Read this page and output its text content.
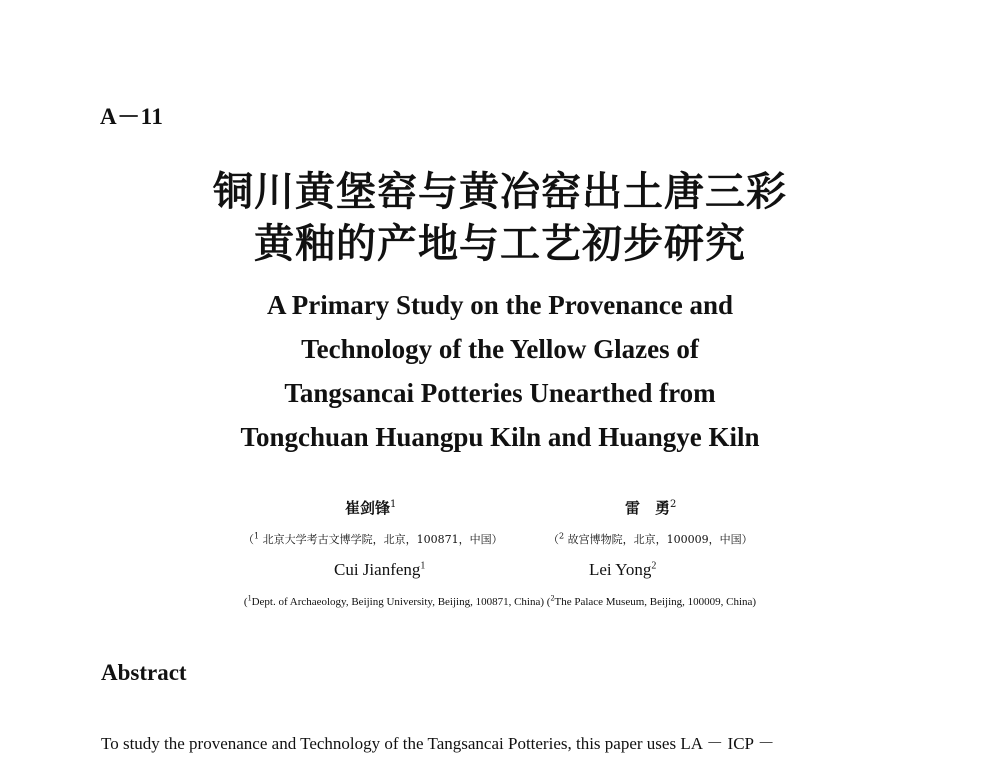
A－11
铜川黄堡窑与黄冶窑出土唐三彩
黄釉的产地与工艺初步研究
A Primary Study on the Provenance and
Technology of the Yellow Glazes of
Tangsancai Potteries Unearthed from
Tongchuan Huangpu Kiln and Huangye Kiln
崔剑锋$^1$	雷　勇$^2$
（$^1$ 北京大学考古文博学院，北京，100871，中国）	（$^2$ 故宫博物院，北京，100009，中国）
Cui Jianfeng$^1$	Lei Yong$^2$
($^1$Dept. of Archaeology, Beijing University, Beijing, 100871, China) ($^2$The Palace Museum, Beijing, 100009, China)
Abstract
To study the provenance and Technology of the Tangsancai Potteries, this paper uses LA － ICP －
